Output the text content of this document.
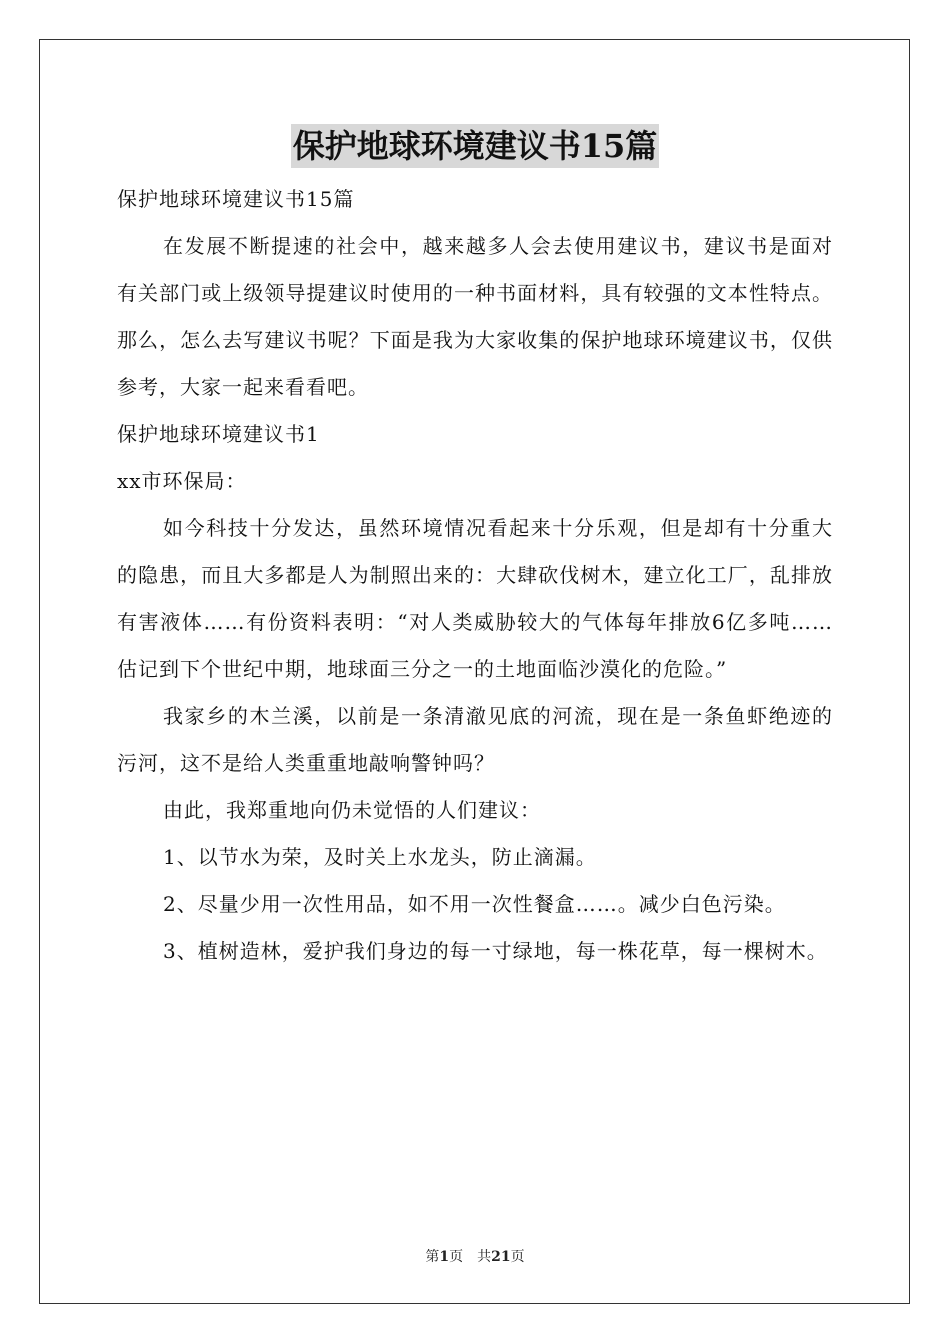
保护地球环境建议书15篇

保护地球环境建议书15篇

在发展不断提速的社会中，越来越多人会去使用建议书，建议书是面对有关部门或上级领导提建议时使用的一种书面材料，具有较强的文本性特点。那么，怎么去写建议书呢？下面是我为大家收集的保护地球环境建议书，仅供参考，大家一起来看看吧。

保护地球环境建议书1

xx市环保局：

如今科技十分发达，虽然环境情况看起来十分乐观，但是却有十分重大的隐患，而且大多都是人为制照出来的：大肆砍伐树木，建立化工厂，乱排放有害液体……有份资料表明：“对人类威胁较大的气体每年排放6亿多吨……估记到下个世纪中期，地球面三分之一的土地面临沙漠化的危险。”

我家乡的木兰溪，以前是一条清澈见底的河流，现在是一条鱼虾绝迹的污河，这不是给人类重重地敲响警钟吗？

由此，我郑重地向仍未觉悟的人们建议：

1、以节水为荣，及时关上水龙头，防止滴漏。

2、尽量少用一次性用品，如不用一次性餐盒……。减少白色污染。

3、植树造林，爱护我们身边的每一寸绿地，每一株花草，每一棵树木。

第1页　共21页
